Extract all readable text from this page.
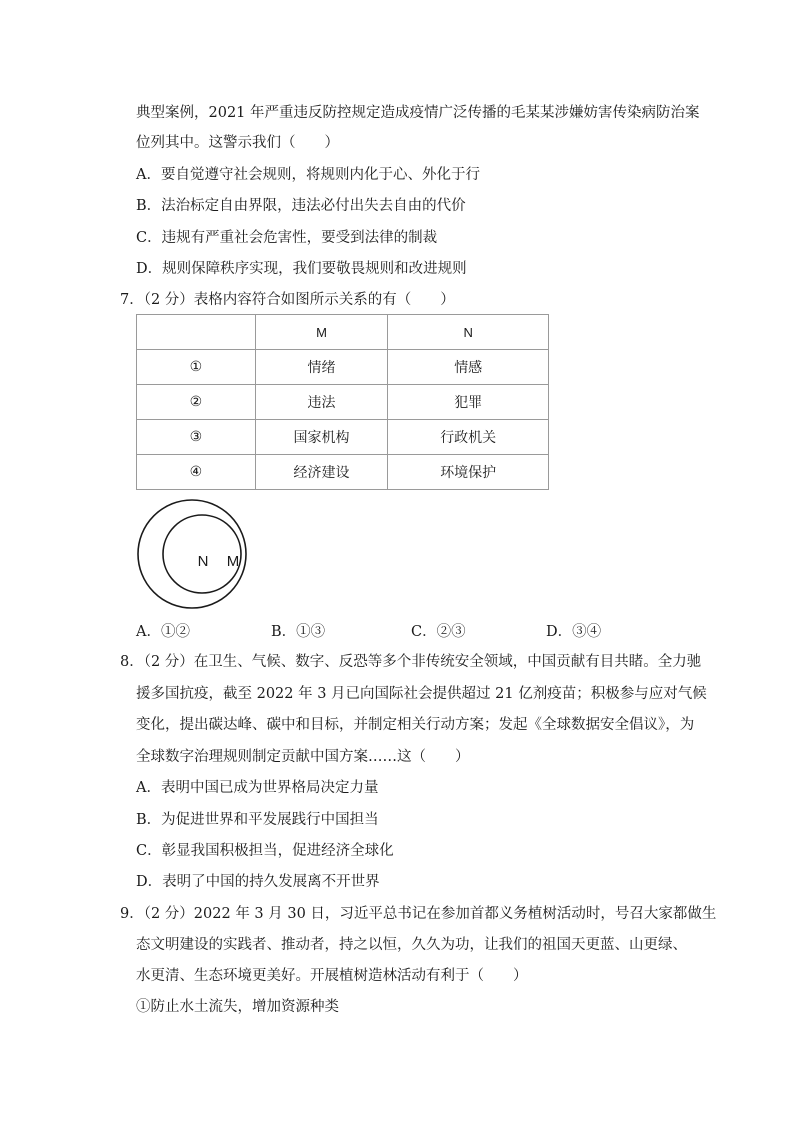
典型案例，2021 年严重违反防控规定造成疫情广泛传播的毛某某涉嫌妨害传染病防治案
位列其中。这警示我们（　　）
A．要自觉遵守社会规则，将规则内化于心、外化于行
B．法治标定自由界限，违法必付出失去自由的代价
C．违规有严重社会危害性，要受到法律的制裁
D．规则保障秩序实现，我们要敬畏规则和改进规则
7．（2 分）表格内容符合如图所示关系的有（　　）
	M	N
①	情绪	情感
②	违法	犯罪
③	国家机构	行政机关
④	经济建设	环境保护
N M
A．①②	B．①③	C．②③	D．③④
8．（2 分）在卫生、气候、数字、反恐等多个非传统安全领域，中国贡献有目共睹。全力驰
援多国抗疫，截至 2022 年 3 月已向国际社会提供超过 21 亿剂疫苗；积极参与应对气候
变化，提出碳达峰、碳中和目标，并制定相关行动方案；发起《全球数据安全倡议》，为
全球数字治理规则制定贡献中国方案……这（　　）
A．表明中国已成为世界格局决定力量
B．为促进世界和平发展践行中国担当
C．彰显我国积极担当，促进经济全球化
D．表明了中国的持久发展离不开世界
9．（2 分）2022 年 3 月 30 日，习近平总书记在参加首都义务植树活动时，号召大家都做生
态文明建设的实践者、推动者，持之以恒，久久为功，让我们的祖国天更蓝、山更绿、
水更清、生态环境更美好。开展植树造林活动有利于（　　）
①防止水土流失，增加资源种类
